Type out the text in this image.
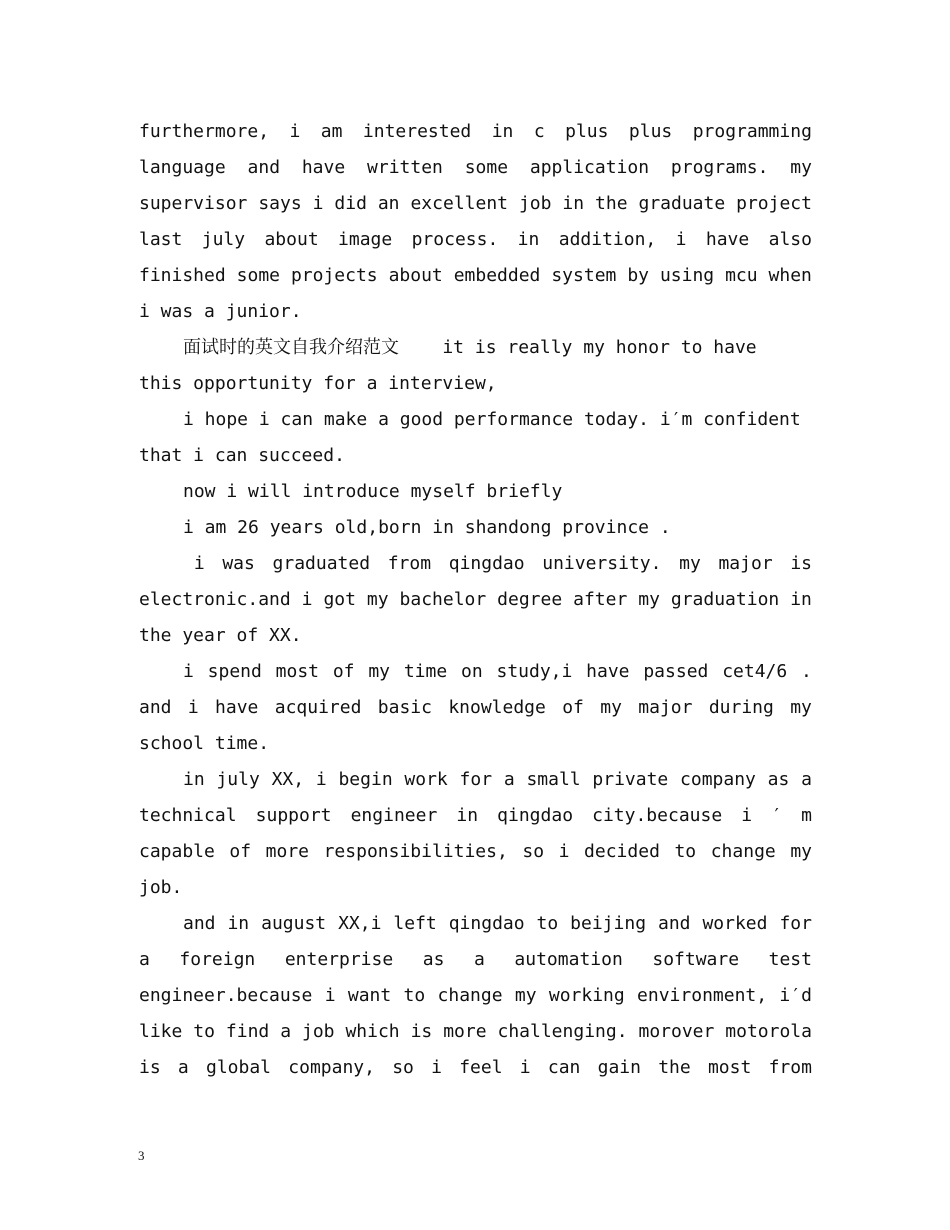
furthermore, i am interested in c plus plus programming
language and have written some application programs. my
supervisor says i did an excellent job in the graduate project
last july about image process. in addition, i have also
finished some projects about embedded system by using mcu when
i was a junior.
面试时的英文自我介绍范文    it is really my honor to have
this opportunity for a interview,
i hope i can make a good performance today. i′m confident
that i can succeed.
now i will introduce myself briefly
i am 26 years old,born in shandong province .
i was graduated from qingdao university. my major is
electronic.and i got my bachelor degree after my graduation in
the year of XX.
i spend most of my time on study,i have passed cet4/6 .
and i have acquired basic knowledge of my major during my
school time.
in july XX, i begin work for a small private company as a
technical support engineer in qingdao city.because i ′ m
capable of more responsibilities, so i decided to change my
job.
and in august XX,i left qingdao to beijing and worked for
a foreign enterprise as a automation software test
engineer.because i want to change my working environment, i′d
like to find a job which is more challenging. morover motorola
is a global company, so i feel i can gain the most from
3
